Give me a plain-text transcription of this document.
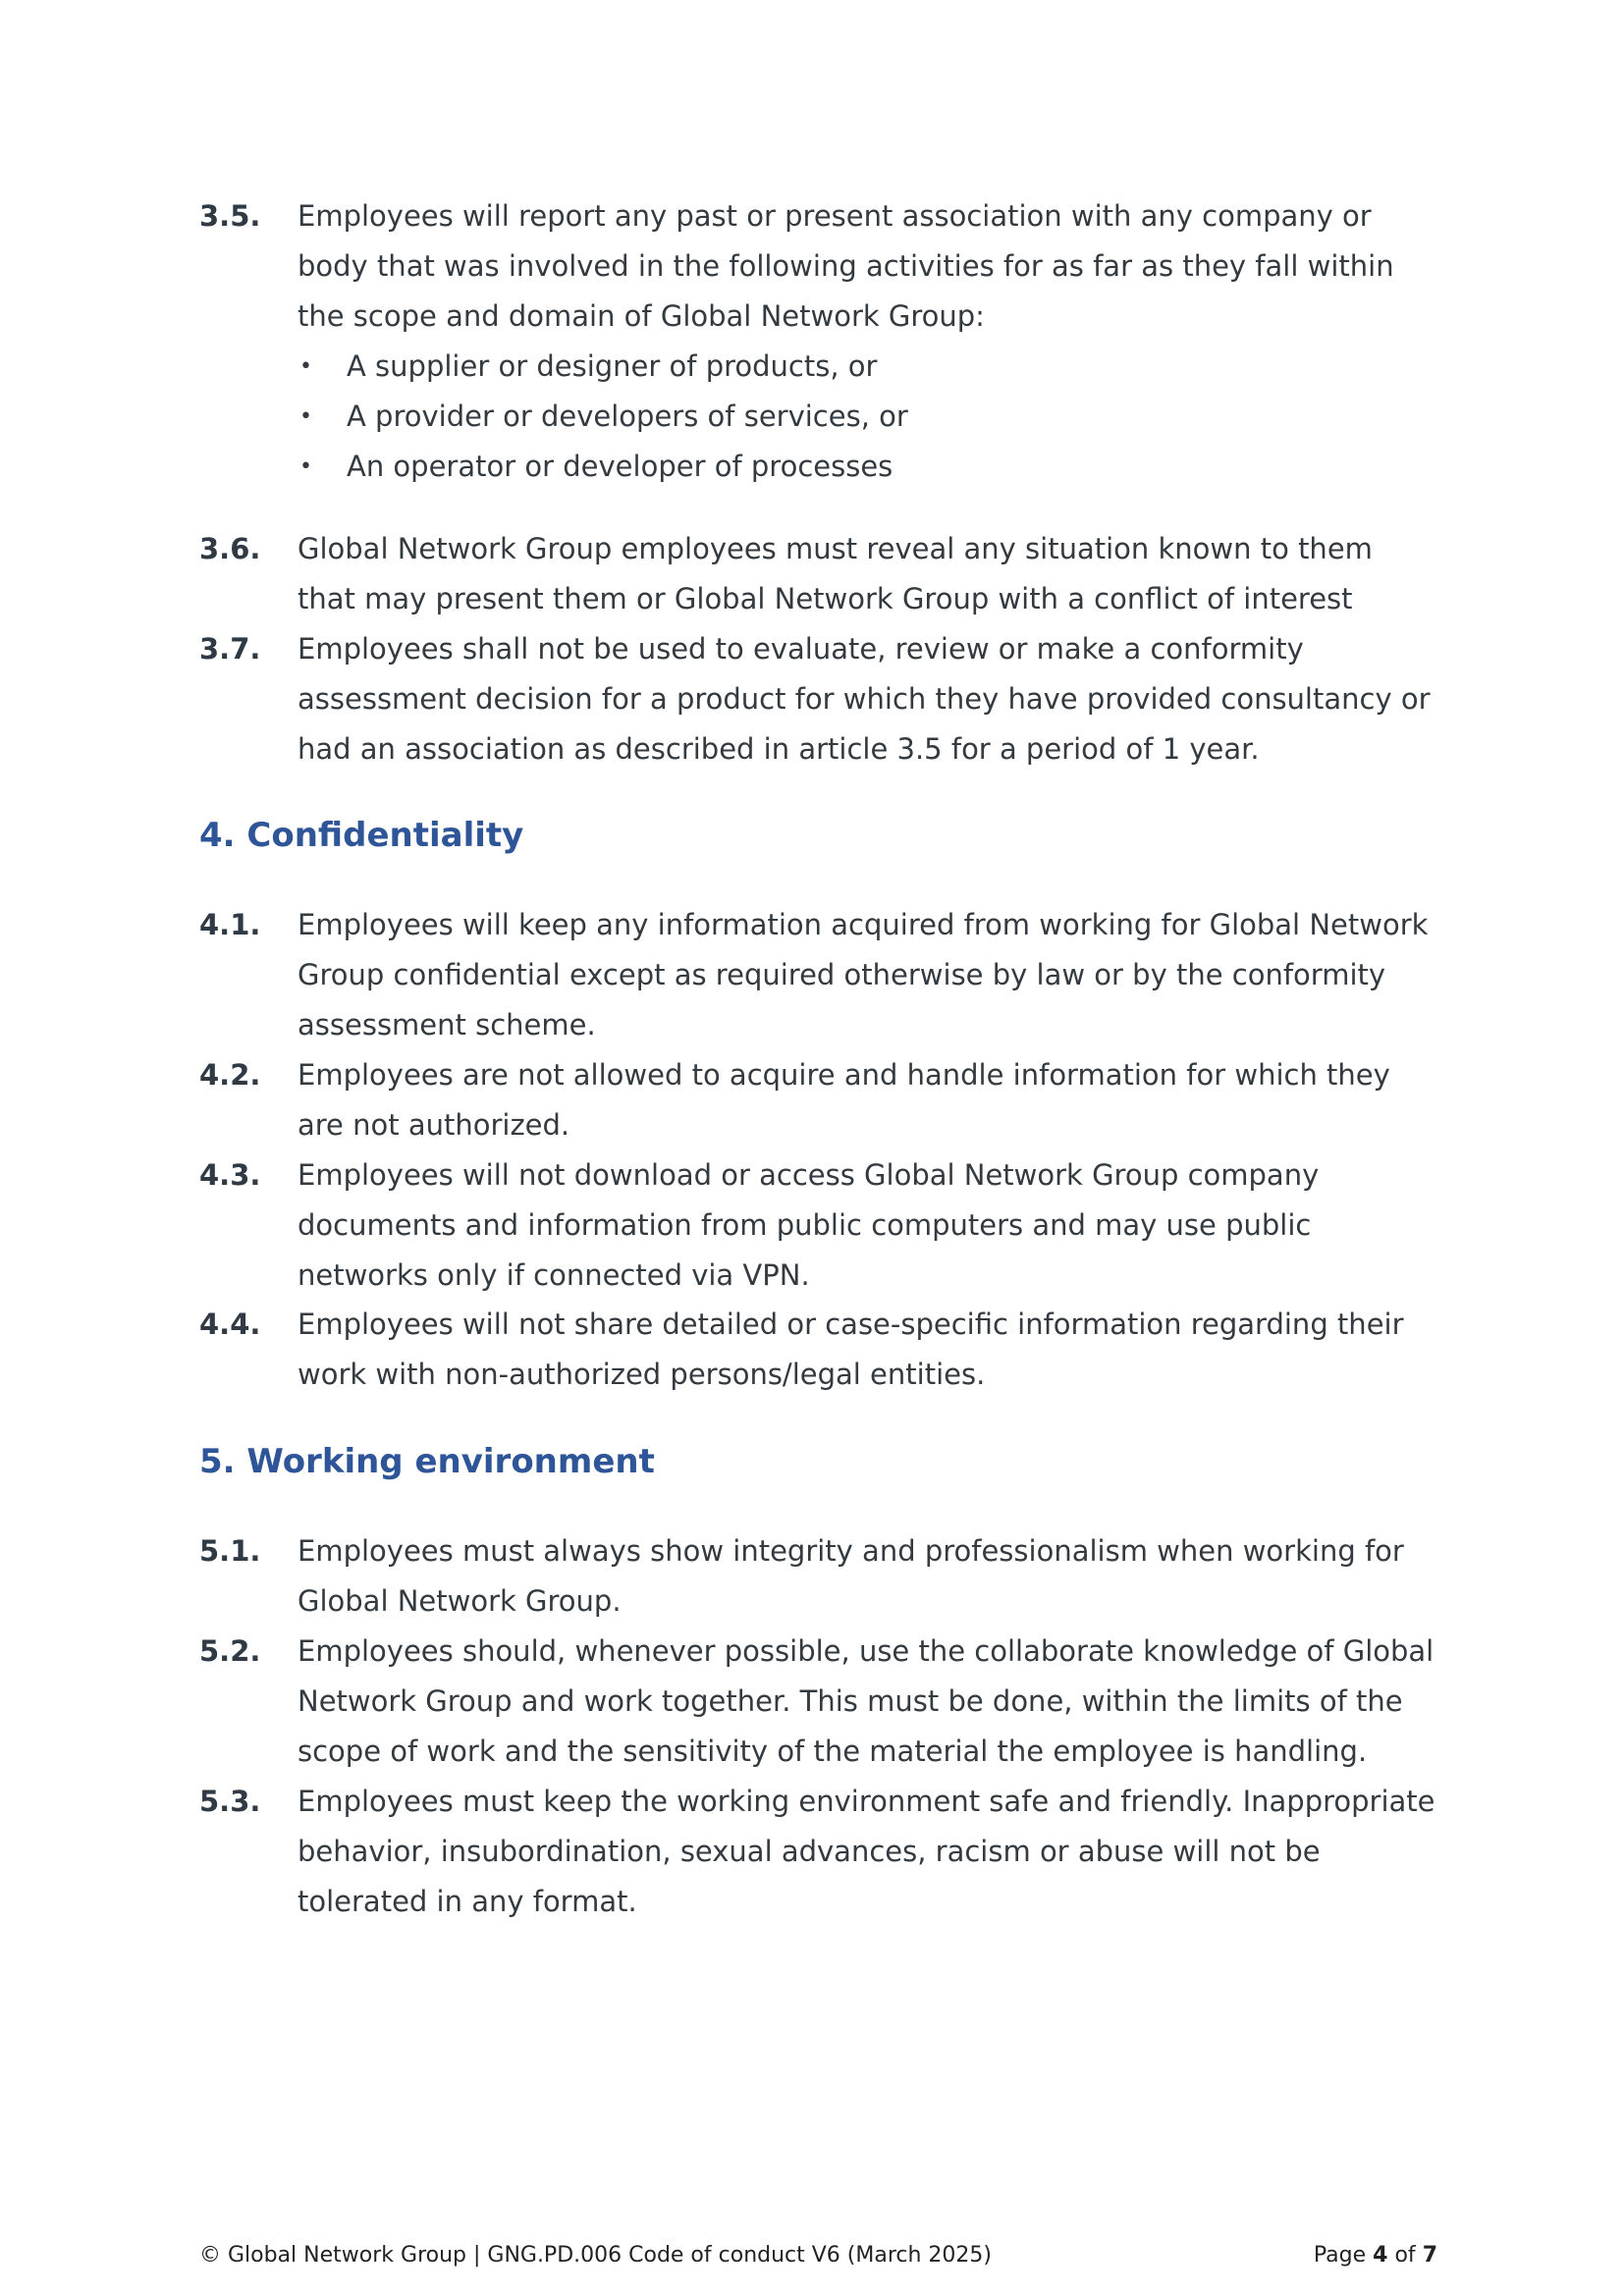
3.5. Employees will report any past or present association with any company or body that was involved in the following activities for as far as they fall within the scope and domain of Global Network Group:
• A supplier or designer of products, or
• A provider or developers of services, or
• An operator or developer of processes
3.6. Global Network Group employees must reveal any situation known to them that may present them or Global Network Group with a conflict of interest
3.7. Employees shall not be used to evaluate, review or make a conformity assessment decision for a product for which they have provided consultancy or had an association as described in article 3.5 for a period of 1 year.
4. Confidentiality
4.1. Employees will keep any information acquired from working for Global Network Group confidential except as required otherwise by law or by the conformity assessment scheme.
4.2. Employees are not allowed to acquire and handle information for which they are not authorized.
4.3. Employees will not download or access Global Network Group company documents and information from public computers and may use public networks only if connected via VPN.
4.4. Employees will not share detailed or case-specific information regarding their work with non-authorized persons/legal entities.
5. Working environment
5.1. Employees must always show integrity and professionalism when working for Global Network Group.
5.2. Employees should, whenever possible, use the collaborate knowledge of Global Network Group and work together. This must be done, within the limits of the scope of work and the sensitivity of the material the employee is handling.
5.3. Employees must keep the working environment safe and friendly. Inappropriate behavior, insubordination, sexual advances, racism or abuse will not be tolerated in any format.
© Global Network Group | GNG.PD.006 Code of conduct V6 (March 2025)	Page 4 of 7
